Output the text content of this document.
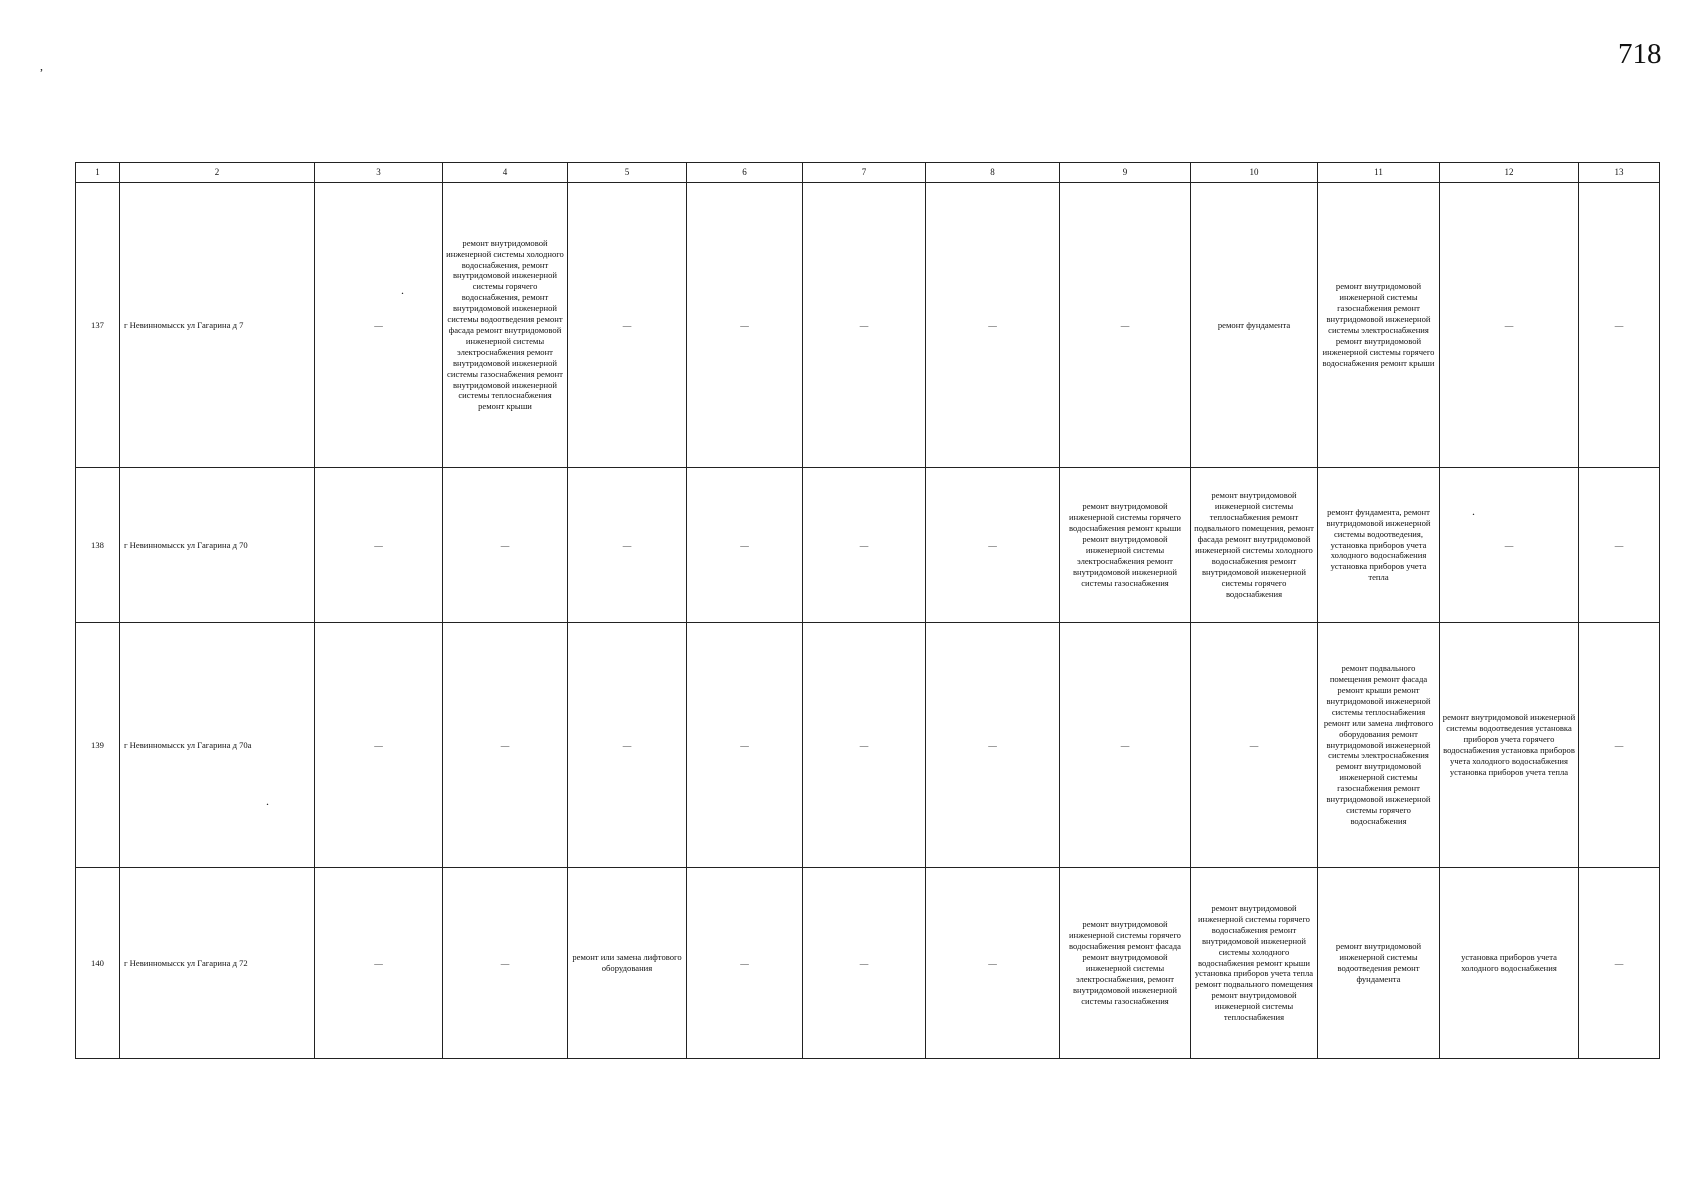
718
,
.
.
.
1	2	3	4	5	6	7	8	9	10	11	12	13
137	г Невинномысск ул Гагарина д 7	—	ремонт внутридомовой инженерной системы холодного водоснабжения, ремонт внутридомовой инженерной системы горячего водоснабжения, ремонт внутридомовой инженерной системы водоотведения ремонт фасада ремонт внутридомовой инженерной системы электроснабжения ремонт внутридомовой инженерной системы газоснабжения ремонт внутридомовой инженерной системы теплоснабжения ремонт крыши	—	—	—	—	—	ремонт фундамента	ремонт внутридомовой инженерной системы газоснабжения ремонт внутридомовой инженерной системы электроснабжения ремонт внутридомовой инженерной системы горячего водоснабжения ремонт крыши	—	—
138	г Невинномысск ул Гагарина д 70	—	—	—	—	—	—	ремонт внутридомовой инженерной системы горячего водоснабжения ремонт крыши ремонт внутридомовой инженерной системы электроснабжения ремонт внутридомовой инженерной системы газоснабжения	ремонт внутридомовой инженерной системы теплоснабжения ремонт подвального помещения, ремонт фасада ремонт внутридомовой инженерной системы холодного водоснабжения ремонт внутридомовой инженерной системы горячего водоснабжения	ремонт фундамента, ремонт внутридомовой инженерной системы водоотведения, установка приборов учета холодного водоснабжения установка приборов учета тепла	—	—
139	г Невинномысск ул Гагарина д 70а	—	—	—	—	—	—	—	—	ремонт подвального помещения ремонт фасада ремонт крыши ремонт внутридомовой инженерной системы теплоснабжения ремонт или замена лифтового оборудования ремонт внутридомовой инженерной системы электроснабжения ремонт внутридомовой инженерной системы газоснабжения ремонт внутридомовой инженерной системы горячего водоснабжения	ремонт внутридомовой инженерной системы водоотведения установка приборов учета горячего водоснабжения установка приборов учета холодного водоснабжения установка приборов учета тепла	—
140	г Невинномысск ул Гагарина д 72	—	—	ремонт или замена лифтового оборудования	—	—	—	ремонт внутридомовой инженерной системы горячего водоснабжения ремонт фасада ремонт внутридомовой инженерной системы электроснабжения, ремонт внутридомовой инженерной системы газоснабжения	ремонт внутридомовой инженерной системы горячего водоснабжения ремонт внутридомовой инженерной системы холодного водоснабжения ремонт крыши установка приборов учета тепла ремонт подвального помещения ремонт внутридомовой инженерной системы теплоснабжения	ремонт внутридомовой инженерной системы водоотведения ремонт фундамента	установка приборов учета холодного водоснабжения	—
